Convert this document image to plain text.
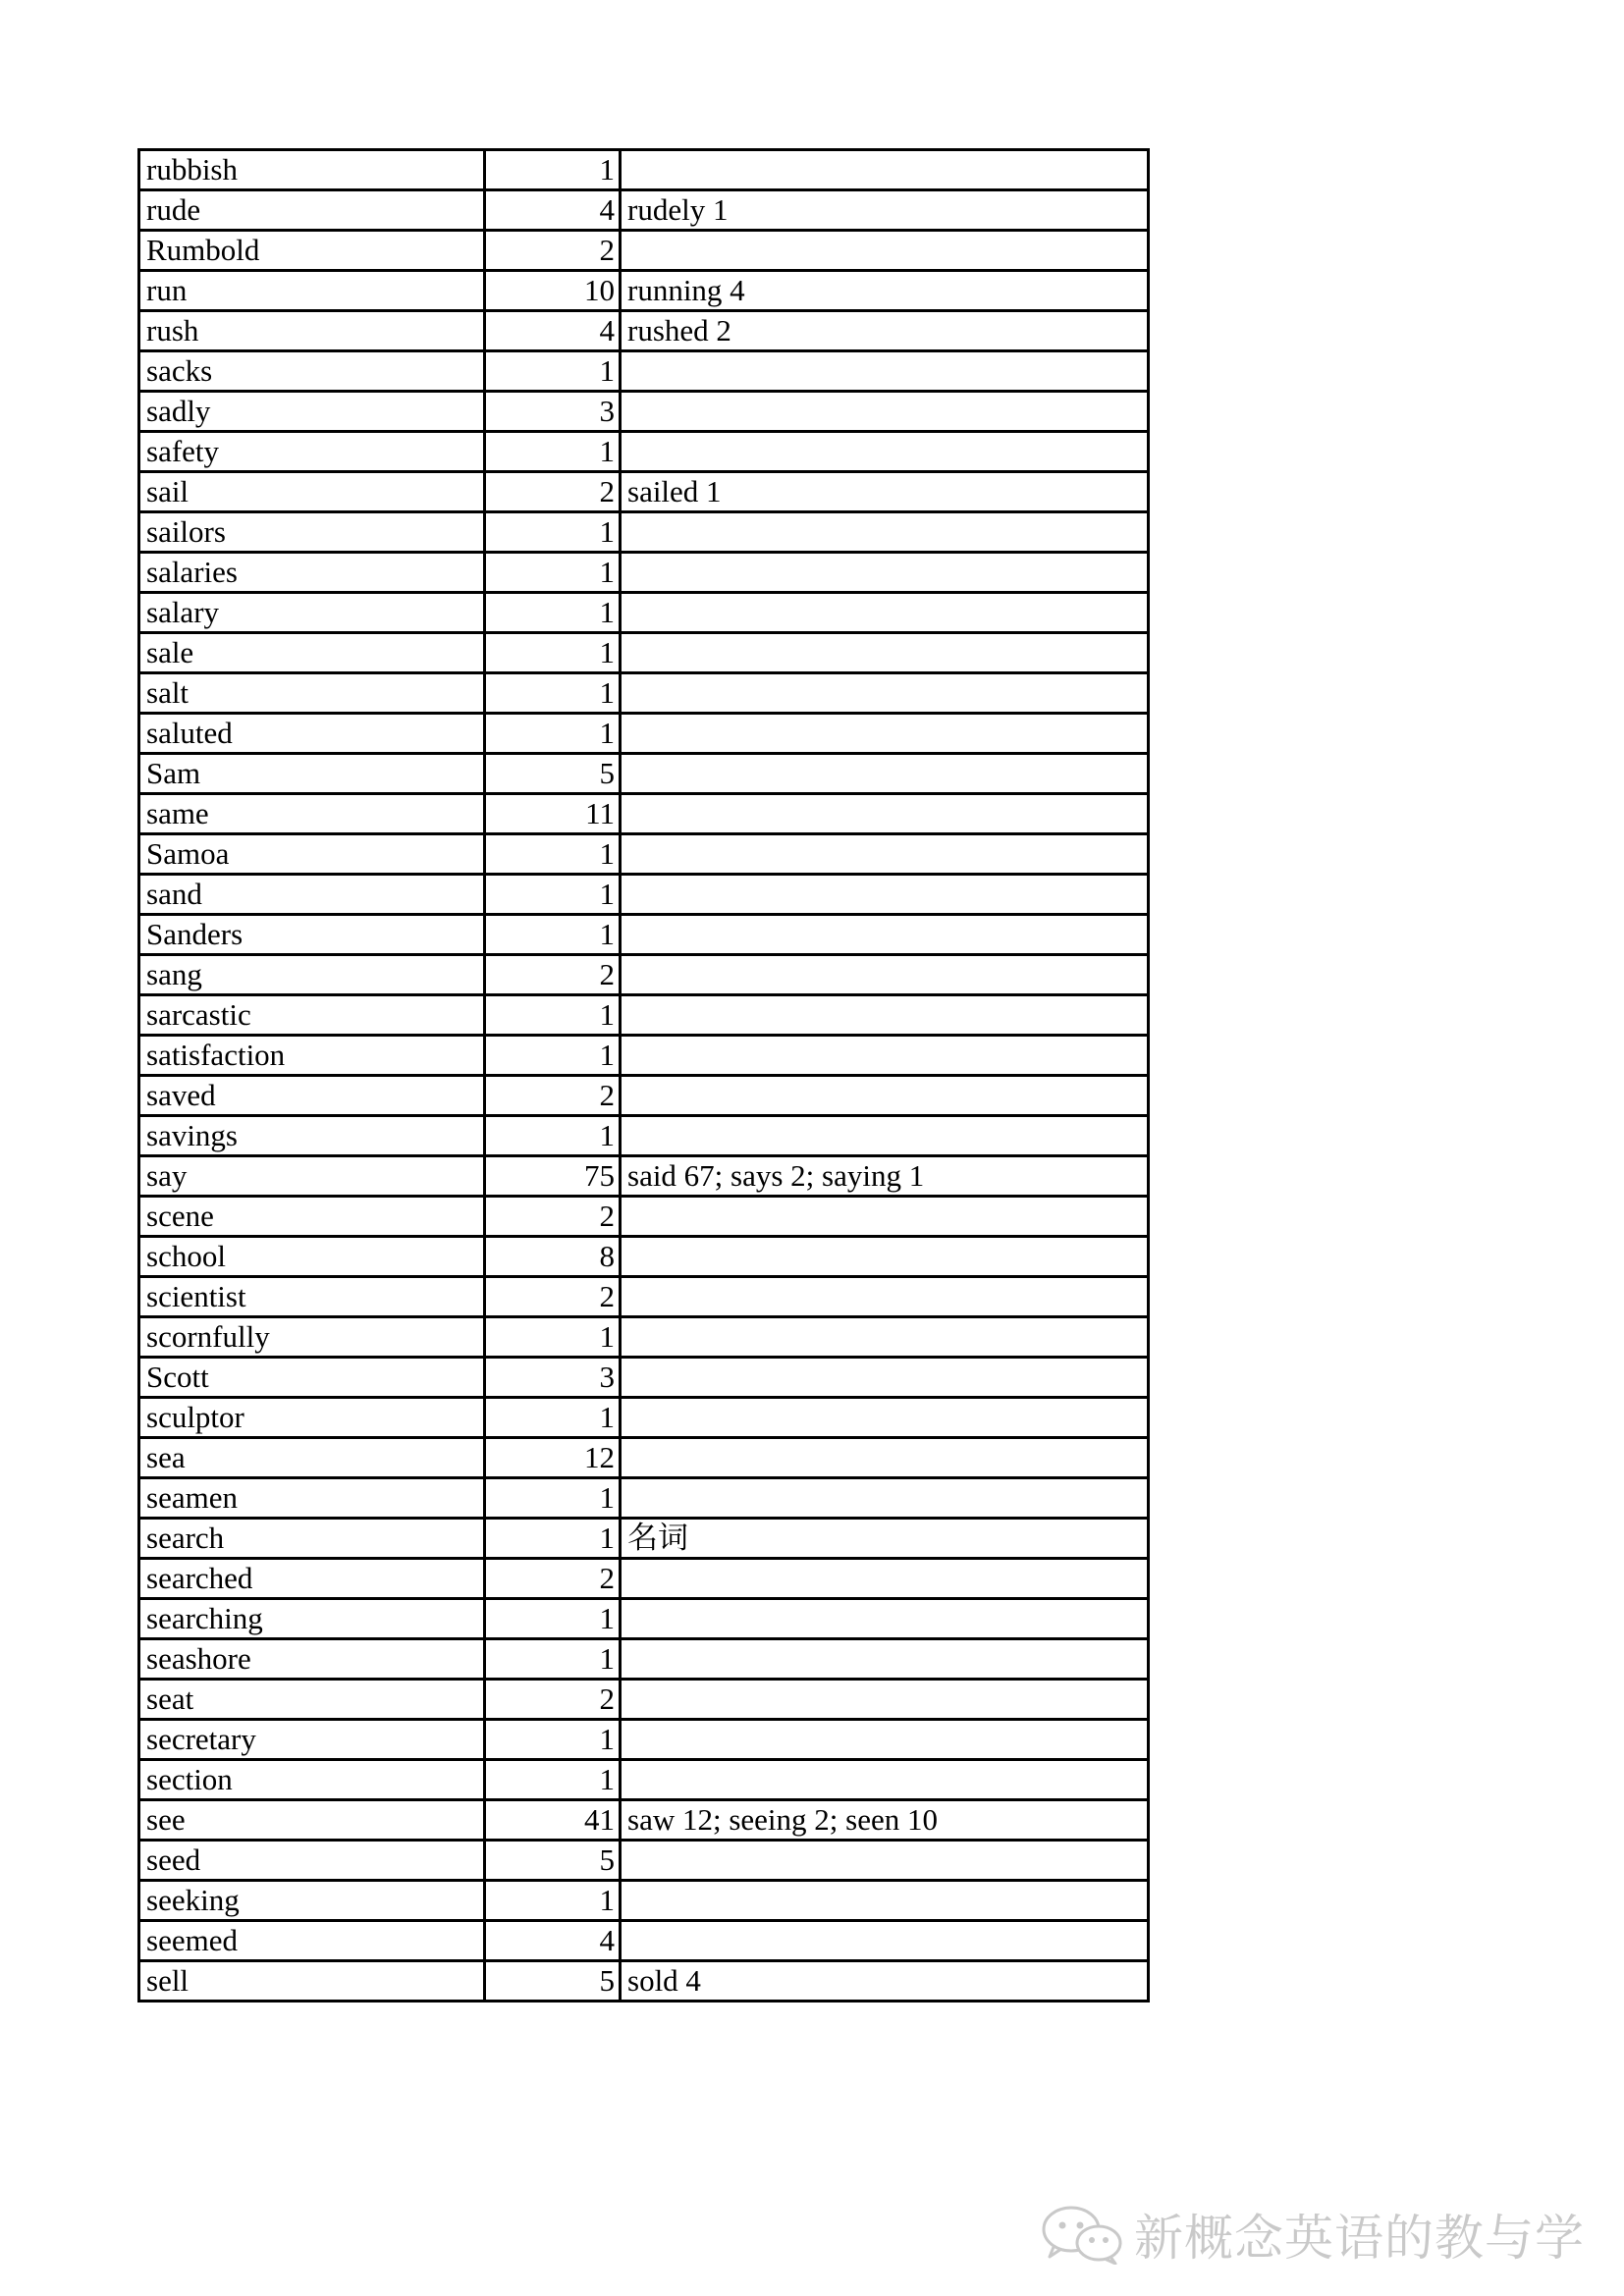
rubbish	1	
rude	4	rudely 1
Rumbold	2	
run	10	running 4
rush	4	rushed 2
sacks	1	
sadly	3	
safety	1	
sail	2	sailed 1
sailors	1	
salaries	1	
salary	1	
sale	1	
salt	1	
saluted	1	
Sam	5	
same	11	
Samoa	1	
sand	1	
Sanders	1	
sang	2	
sarcastic	1	
satisfaction	1	
saved	2	
savings	1	
say	75	said 67; says 2; saying 1
scene	2	
school	8	
scientist	2	
scornfully	1	
Scott	3	
sculptor	1	
sea	12	
seamen	1	
search	1	名词
searched	2	
searching	1	
seashore	1	
seat	2	
secretary	1	
section	1	
see	41	saw 12; seeing 2; seen 10
seed	5	
seeking	1	
seemed	4	
sell	5	sold 4
新概念英语的教与学
